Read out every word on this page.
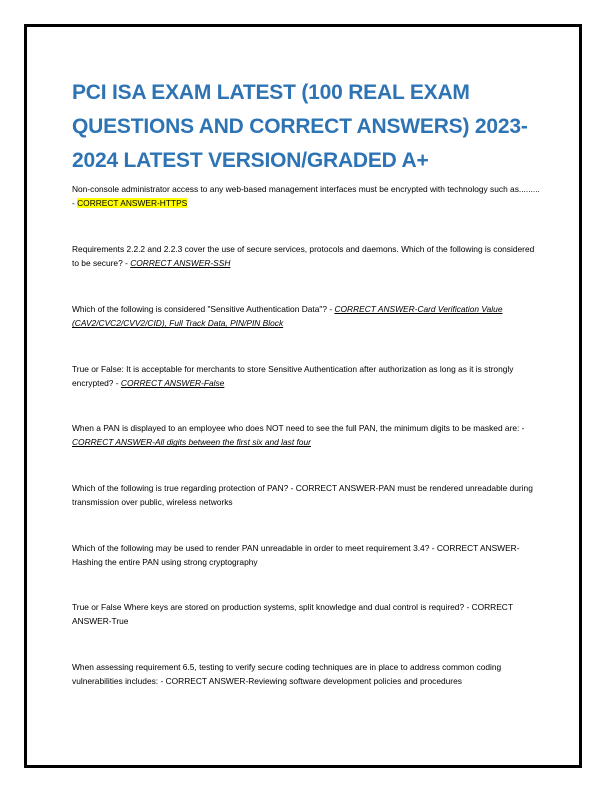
PCI ISA EXAM LATEST (100 REAL EXAM QUESTIONS AND CORRECT ANSWERS) 2023-2024 LATEST VERSION/GRADED A+

Non-console administrator access to any web-based management interfaces must be encrypted with technology such as......... - CORRECT ANSWER-HTTPS

Requirements 2.2.2 and 2.2.3 cover the use of secure services, protocols and daemons. Which of the following is considered to be secure? - CORRECT ANSWER-SSH

Which of the following is considered "Sensitive Authentication Data"? - CORRECT ANSWER-Card Verification Value (CAV2/CVC2/CVV2/CID), Full Track Data, PIN/PIN Block

True or False: It is acceptable for merchants to store Sensitive Authentication after authorization as long as it is strongly encrypted? - CORRECT ANSWER-False

When a PAN is displayed to an employee who does NOT need to see the full PAN, the minimum digits to be masked are: - CORRECT ANSWER-All digits between the first six and last four

Which of the following is true regarding protection of PAN? - CORRECT ANSWER-PAN must be rendered unreadable during transmission over public, wireless networks

Which of the following may be used to render PAN unreadable in order to meet requirement 3.4? - CORRECT ANSWER-Hashing the entire PAN using strong cryptography

True or False Where keys are stored on production systems, split knowledge and dual control is required? - CORRECT ANSWER-True

When assessing requirement 6.5, testing to verify secure coding techniques are in place to address common coding vulnerabilities includes: - CORRECT ANSWER-Reviewing software development policies and procedures
